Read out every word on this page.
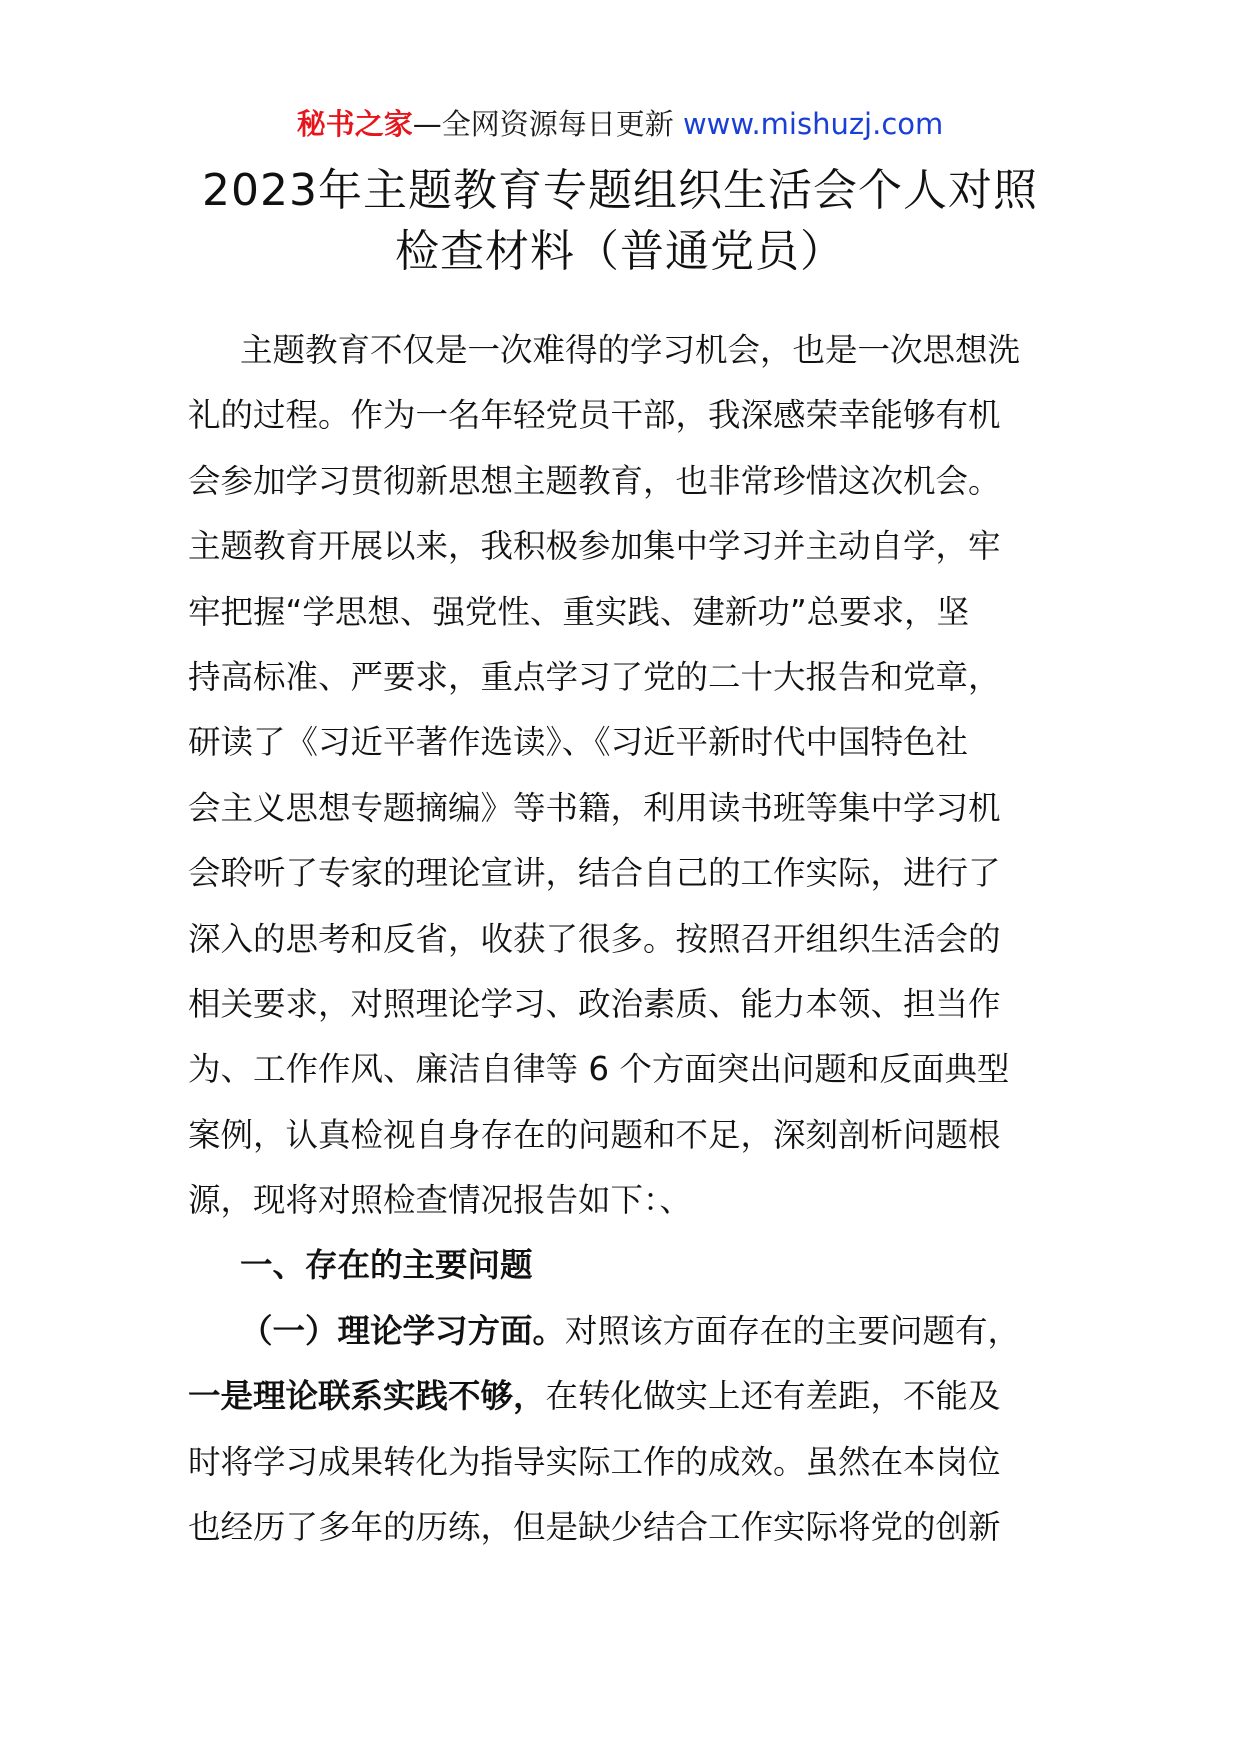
秘书之家—全网资源每日更新 www.mishuzj.com
2023年主题教育专题组织生活会个人对照
检查材料（普通党员）
主题教育不仅是一次难得的学习机会，也是一次思想洗
礼的过程。作为一名年轻党员干部，我深感荣幸能够有机
会参加学习贯彻新思想主题教育，也非常珍惜这次机会。
主题教育开展以来，我积极参加集中学习并主动自学，牢
牢把握“学思想、强党性、重实践、建新功”总要求，坚
持高标准、严要求，重点学习了党的二十大报告和党章，
研读了《习近平著作选读》、《习近平新时代中国特色社
会主义思想专题摘编》等书籍，利用读书班等集中学习机
会聆听了专家的理论宣讲，结合自己的工作实际，进行了
深入的思考和反省，收获了很多。按照召开组织生活会的
相关要求，对照理论学习、政治素质、能力本领、担当作
为、工作作风、廉洁自律等 6 个方面突出问题和反面典型
案例，认真检视自身存在的问题和不足，深刻剖析问题根
源，现将对照检查情况报告如下：、
一、存在的主要问题
（一）理论学习方面。对照该方面存在的主要问题有，
一是理论联系实践不够，在转化做实上还有差距，不能及
时将学习成果转化为指导实际工作的成效。虽然在本岗位
也经历了多年的历练，但是缺少结合工作实际将党的创新
